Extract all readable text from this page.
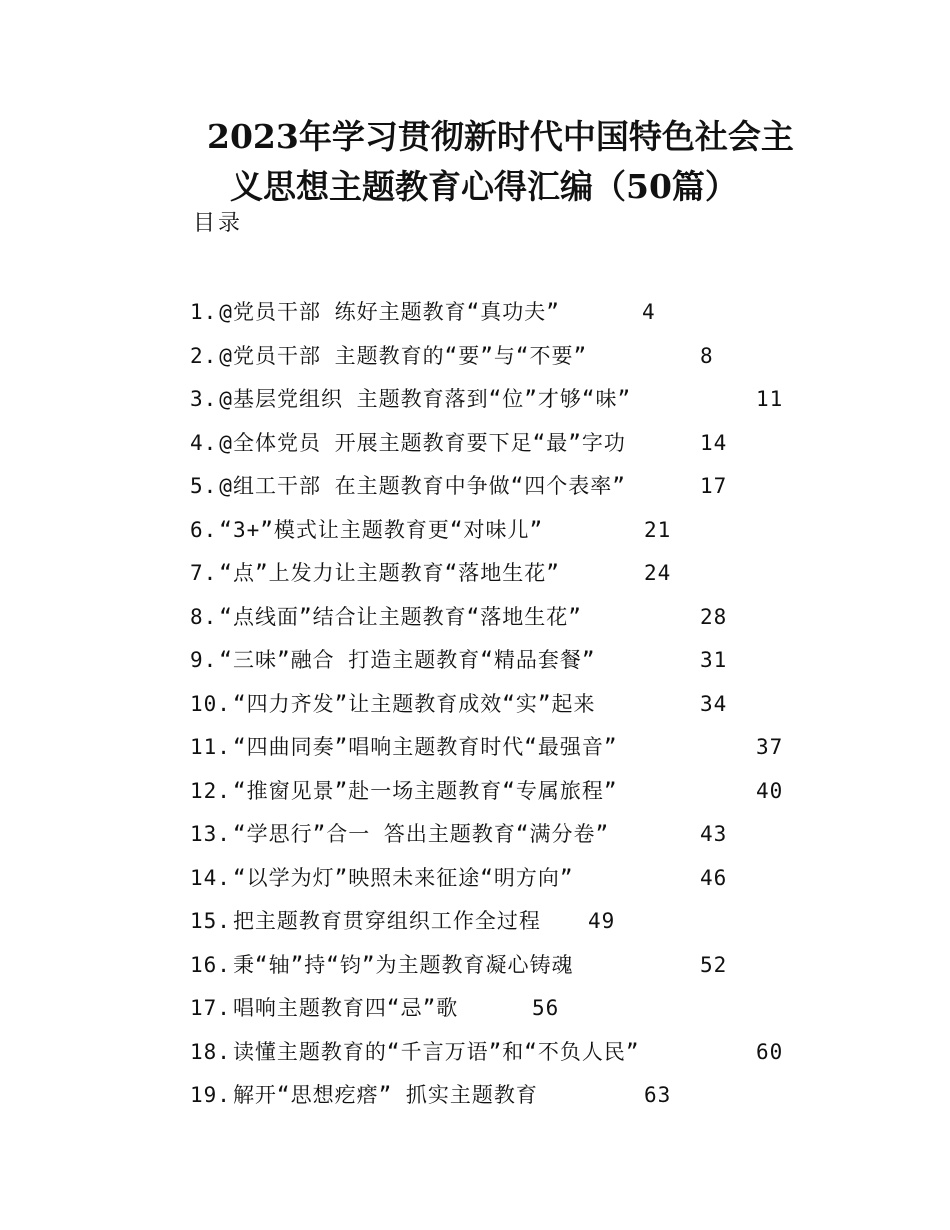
2023年学习贯彻新时代中国特色社会主
义思想主题教育心得汇编（50篇）
目录
1.@党员干部 练好主题教育“真功夫”	4
2.@党员干部 主题教育的“要”与“不要”	8
3.@基层党组织 主题教育落到“位”才够“味”	11
4.@全体党员 开展主题教育要下足“最”字功	14
5.@组工干部 在主题教育中争做“四个表率”	17
6.“3+”模式让主题教育更“对味儿”	21
7.“点”上发力让主题教育“落地生花”	24
8.“点线面”结合让主题教育“落地生花”	28
9.“三味”融合 打造主题教育“精品套餐”	31
10.“四力齐发”让主题教育成效“实”起来	34
11.“四曲同奏”唱响主题教育时代“最强音”	37
12.“推窗见景”赴一场主题教育“专属旅程”	40
13.“学思行”合一 答出主题教育“满分卷”	43
14.“以学为灯”映照未来征途“明方向”	46
15.把主题教育贯穿组织工作全过程 49
16.秉“轴”持“钧”为主题教育凝心铸魂	52
17.唱响主题教育四“忌”歌	56
18.读懂主题教育的“千言万语”和“不负人民”	60
19.解开“思想疙瘩” 抓实主题教育	63
